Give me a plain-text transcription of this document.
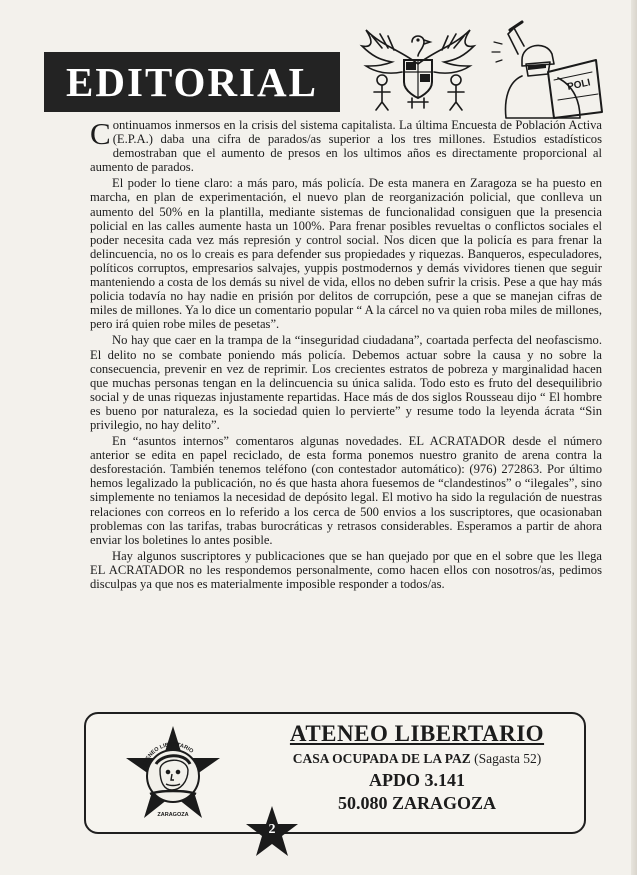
EDITORIAL	POLI

Continuamos inmersos en la crisis del sistema capitalista. La última Encuesta de Población Activa (E.P.A.) daba una cifra de parados/as superior a los tres millones. Estudios estadísticos demostraban que el aumento de presos en los ultimos años es directamente proporcional al aumento de parados.

El poder lo tiene claro: a más paro, más policía. De esta manera en Zaragoza se ha puesto en marcha, en plan de experimentación, el nuevo plan de reorganización policial, que conlleva un aumento del 50% en la plantilla, mediante sistemas de funcionalidad consiguen que la presencia policial en las calles aumente hasta un 100%. Para frenar posibles revueltas o conflictos sociales el poder necesita cada vez más represión y control social. Nos dicen que la policía es para frenar la delincuencia, no os lo creais es para defender sus propiedades y riquezas. Banqueros, especuladores, políticos corruptos, empresarios salvajes, yuppis postmodernos y demás vividores tienen que seguir manteniendo a costa de los demás su nivel de vida, ellos no deben sufrir la crisis. Pese a que hay más policia todavía no hay nadie en prisión por delitos de corrupción, pese a que se manejan cifras de miles de millones. Ya lo dice un comentario popular “ A la cárcel no va quien roba miles de millones, pero irá quien robe miles de pesetas”.

No hay que caer en la trampa de la “inseguridad ciudadana”, coartada perfecta del neofascismo. El delito no se combate poniendo más policía. Debemos actuar sobre la causa y no sobre la consecuencia, prevenir en vez de reprimir. Los crecientes estratos de pobreza y marginalidad hacen que muchas personas tengan en la delincuencia su única salida. Todo esto es fruto del desequilibrio social y de unas riquezas injustamente repartidas. Hace más de dos siglos Rousseau dijo “ El hombre es bueno por naturaleza, es la sociedad quien lo pervierte” y resume todo la leyenda ácrata “Sin privilegio, no hay delito”.

En “asuntos internos” comentaros algunas novedades. EL ACRATADOR desde el número anterior se edita en papel reciclado, de esta forma ponemos nuestro granito de arena contra la desforestación. También tenemos teléfono (con contestador automático): (976) 272863. Por último hemos legalizado la publicación, no és que hasta ahora fuesemos de “clandestinos” o “ilegales”, sino simplemente no teniamos la necesidad de depósito legal. El motivo ha sido la regulación de nuestras relaciones con correos en lo referido a los cerca de 500 envios a los suscriptores, que ocasionaban problemas con las tarifas, trabas burocráticas y retrasos considerables. Esperamos a partir de ahora enviar los boletines lo antes posible.

Hay algunos suscriptores y publicaciones que se han quejado por que en el sobre que les llega EL ACRATADOR no les respondemos personalmente, como hacen ellos con nosotros/as, pedimos disculpas ya que nos es materialmente imposible responder a todos/as.

ATENEO LIBERTARIO
ZARAGOZA
ATENEO LIBERTARIO
CASA OCUPADA DE LA PAZ (Sagasta 52)
APDO 3.141
50.080 ZARAGOZA
2
